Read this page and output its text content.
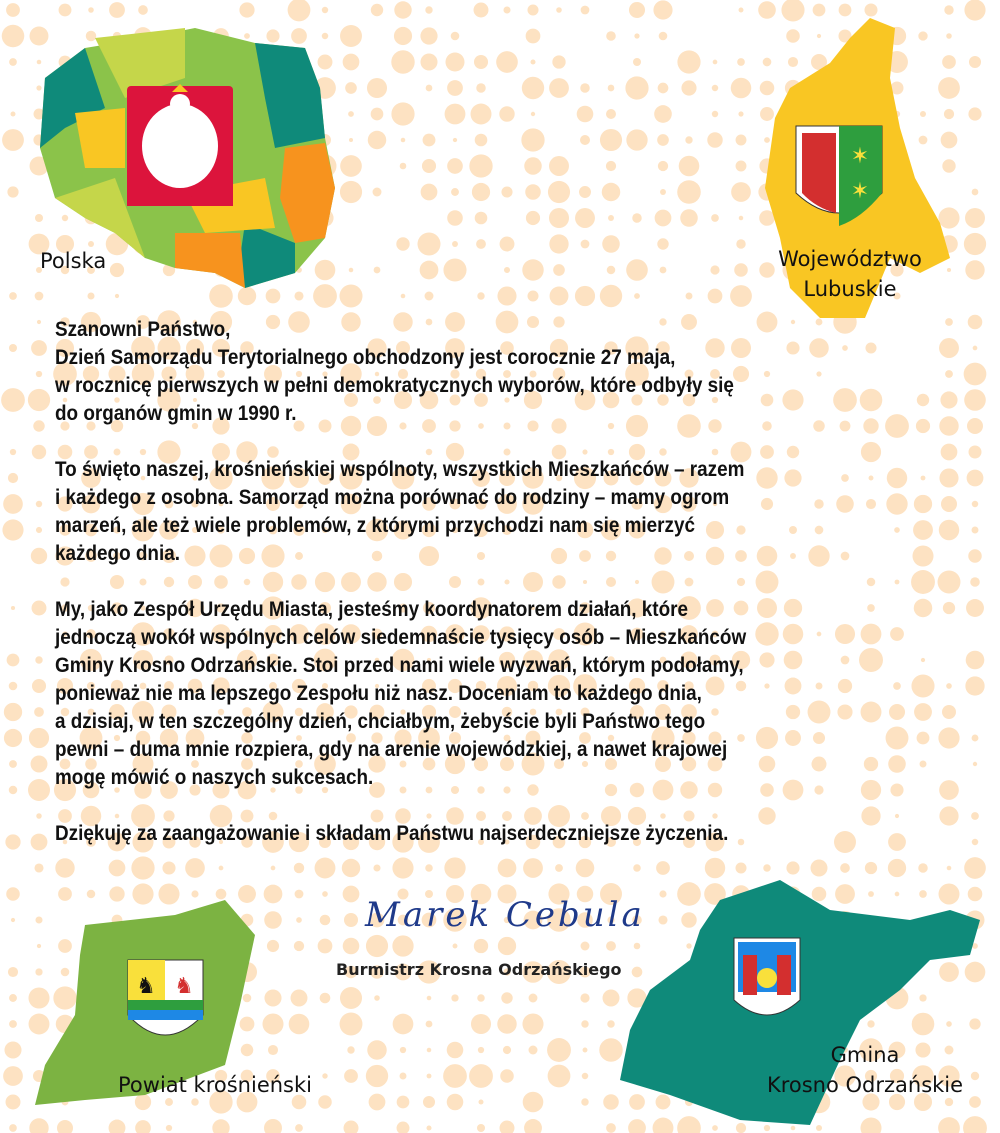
Polska
✶
✶
Województwo
Lubuskie
Szanowni Państwo,
Dzień Samorządu Terytorialnego obchodzony jest corocznie 27 maja,
w rocznicę pierwszych w pełni demokratycznych wyborów, które odbyły się
do organów gmin w 1990 r.
To święto naszej, krośnieńskiej wspólnoty, wszystkich Mieszkańców – razem
i każdego z osobna. Samorząd można porównać do rodziny – mamy ogrom
marzeń, ale też wiele problemów, z którymi przychodzi nam się mierzyć
każdego dnia.
My, jako Zespół Urzędu Miasta, jesteśmy koordynatorem działań, które
jednoczą wokół wspólnych celów siedemnaście tysięcy osób – Mieszkańców
Gminy Krosno Odrzańskie. Stoi przed nami wiele wyzwań, którym podołamy,
ponieważ nie ma lepszego Zespołu niż nasz. Doceniam to każdego dnia,
a dzisiaj, w ten szczególny dzień, chciałbym, żebyście byli Państwo tego
pewni – duma mnie rozpiera, gdy na arenie wojewódzkiej, a nawet krajowej
mogę mówić o naszych sukcesach.
Dziękuję za zaangażowanie i składam Państwu najserdeczniejsze życzenia.
Marek Cebula
Burmistrz Krosna Odrzańskiego
♞ ♞
Powiat krośnieński
Gmina
Krosno Odrzańskie
